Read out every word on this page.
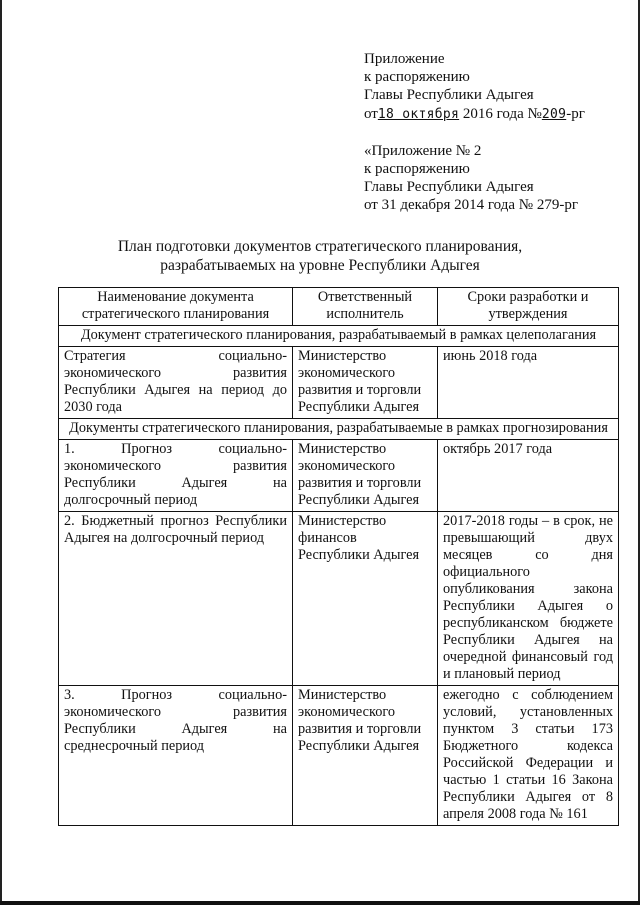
Приложение
к распоряжению
Главы Республики Адыгея
от18 октября 2016 года №209-рг
«Приложение № 2
к распоряжению
Главы Республики Адыгея
от 31 декабря 2014 года № 279-рг
План подготовки документов стратегического планирования,
разрабатываемых на уровне Республики Адыгея
Наименование документа стратегического планирования	Ответственный исполнитель	Сроки разработки и утверждения
Документ стратегического планирования, разрабатываемый в рамках целеполагания		
Стратегия социально-экономического развития Республики Адыгея на период до 2030 года	Министерство экономического развития и торговли Республики Адыгея	июнь 2018 года
Документы стратегического планирования, разрабатываемые в рамках прогнозирования		
1. Прогноз социально-экономического развития Республики Адыгея на долгосрочный период	Министерство экономического развития и торговли Республики Адыгея	октябрь 2017 года
2. Бюджетный прогноз Республики Адыгея на долгосрочный период	Министерство финансов Республики Адыгея	2017-2018 годы – в срок, не превышающий двух месяцев со дня официального опубликования закона Республики Адыгея о республиканском бюджете Республики Адыгея на очередной финансовый год и плановый период
3. Прогноз социально-экономического развития Республики Адыгея на среднесрочный период	Министерство экономического развития и торговли Республики Адыгея	ежегодно с соблюдением условий, установленных пунктом 3 статьи 173 Бюджетного кодекса Российской Федерации и частью 1 статьи 16 Закона Республики Адыгея от 8 апреля 2008 года № 161
